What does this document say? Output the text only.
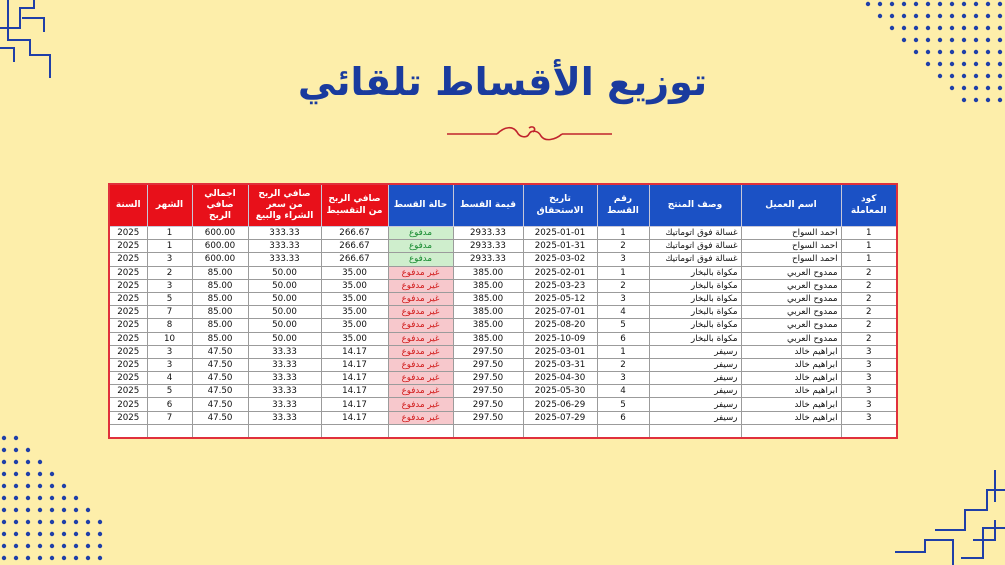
توزيع الأقساط تلقائي
كود المعاملة	اسم العميل	وصف المنتج	رقم القسط	تاريخ الاستحقاق	قيمة القسط	حالة القسط	صافي الربح من التقسيط	صافي الربح من سعر الشراء والبيع	اجمالي صافي الربح	الشهر	السنة
1	احمد السواح	غسالة فوق اتوماتيك	1	2025-01-01	2933.33	مدفوع	266.67	333.33	600.00	1	2025
1	احمد السواح	غسالة فوق اتوماتيك	2	2025-01-31	2933.33	مدفوع	266.67	333.33	600.00	1	2025
1	احمد السواح	غسالة فوق اتوماتيك	3	2025-03-02	2933.33	مدفوع	266.67	333.33	600.00	3	2025
2	ممدوح العربي	مكواة بالبخار	1	2025-02-01	385.00	غير مدفوع	35.00	50.00	85.00	2	2025
2	ممدوح العربي	مكواة بالبخار	2	2025-03-23	385.00	غير مدفوع	35.00	50.00	85.00	3	2025
2	ممدوح العربي	مكواة بالبخار	3	2025-05-12	385.00	غير مدفوع	35.00	50.00	85.00	5	2025
2	ممدوح العربي	مكواة بالبخار	4	2025-07-01	385.00	غير مدفوع	35.00	50.00	85.00	7	2025
2	ممدوح العربي	مكواة بالبخار	5	2025-08-20	385.00	غير مدفوع	35.00	50.00	85.00	8	2025
2	ممدوح العربي	مكواة بالبخار	6	2025-10-09	385.00	غير مدفوع	35.00	50.00	85.00	10	2025
3	ابراهيم خالد	رسيفر	1	2025-03-01	297.50	غير مدفوع	14.17	33.33	47.50	3	2025
3	ابراهيم خالد	رسيفر	2	2025-03-31	297.50	غير مدفوع	14.17	33.33	47.50	3	2025
3	ابراهيم خالد	رسيفر	3	2025-04-30	297.50	غير مدفوع	14.17	33.33	47.50	4	2025
3	ابراهيم خالد	رسيفر	4	2025-05-30	297.50	غير مدفوع	14.17	33.33	47.50	5	2025
3	ابراهيم خالد	رسيفر	5	2025-06-29	297.50	غير مدفوع	14.17	33.33	47.50	6	2025
3	ابراهيم خالد	رسيفر	6	2025-07-29	297.50	غير مدفوع	14.17	33.33	47.50	7	2025
